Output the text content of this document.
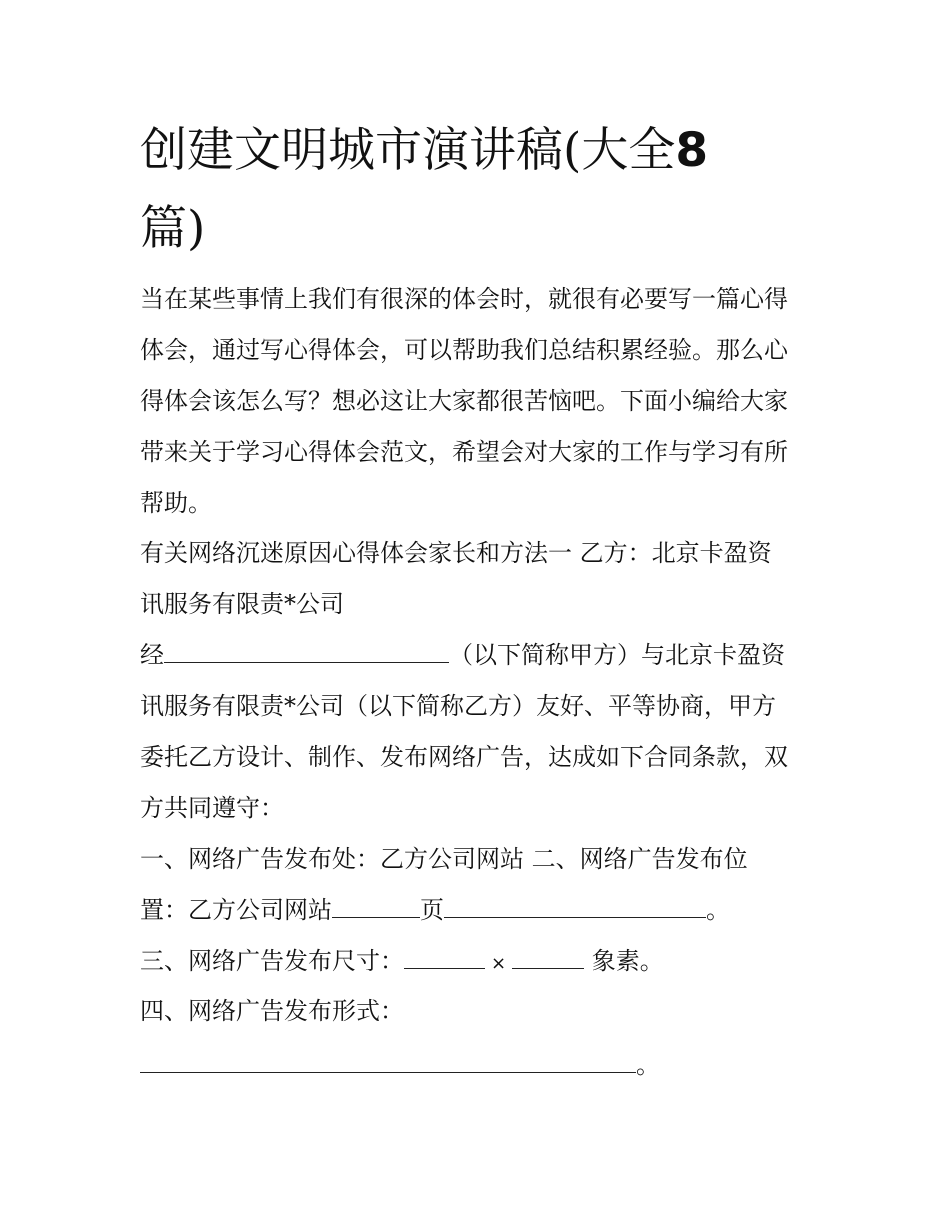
创建文明城市演讲稿(大全8
篇)
当在某些事情上我们有很深的体会时，就很有必要写一篇心得
体会，通过写心得体会，可以帮助我们总结积累经验。那么心
得体会该怎么写？想必这让大家都很苦恼吧。下面小编给大家
带来关于学习心得体会范文，希望会对大家的工作与学习有所
帮助。
有关网络沉迷原因心得体会家长和方法一 乙方：北京卡盈资
讯服务有限责*公司
经	（以下简称甲方）与北京卡盈资
讯服务有限责*公司（以下简称乙方）友好、平等协商，甲方
委托乙方设计、制作、发布网络广告，达成如下合同条款，双
方共同遵守：
一、网络广告发布处：乙方公司网站 二、网络广告发布位
置：乙方公司网站	页	。
三、网络广告发布尺寸：	×	象素。
四、网络广告发布形式：
。
